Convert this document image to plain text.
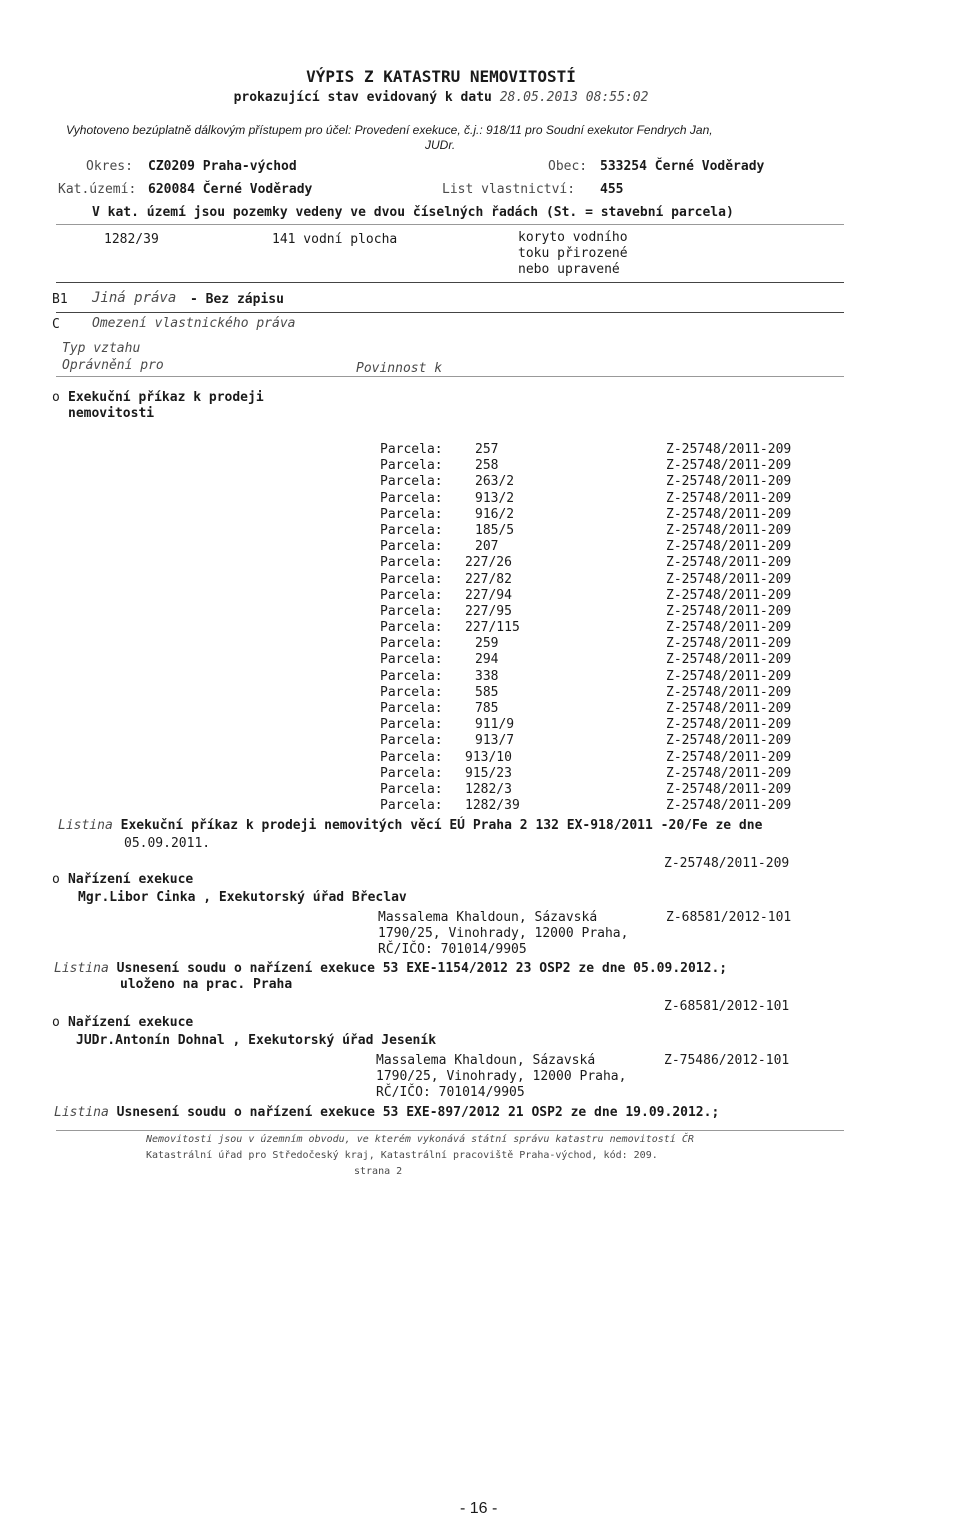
VÝPIS Z KATASTRU NEMOVITOSTÍ
prokazující stav evidovaný k datu 28.05.2013 08:55:02
Vyhotoveno bezúplatně dálkovým přístupem pro účel: Provedení exekuce, č.j.: 918/11 pro Soudní exekutor Fendrych Jan,
JUDr.
Okres: CZ0209 Praha-východ	Obec: 533254 Černé Voděrady
Kat.území: 620084 Černé Voděrady	List vlastnictví: 455
V kat. území jsou pozemky vedeny ve dvou číselných řadách (St. = stavební parcela)
1282/39	141 vodní plocha	koryto vodního
toku přirozené
nebo upravené
B1 Jiná práva - Bez zápisu
C Omezení vlastnického práva
Typ vztahu
Oprávnění pro	Povinnost k
o Exekuční příkaz k prodeji
nemovitosti
Parcela: 257	Z-25748/2011-209
Parcela: 258	Z-25748/2011-209
Parcela: 263/2	Z-25748/2011-209
Parcela: 913/2	Z-25748/2011-209
Parcela: 916/2	Z-25748/2011-209
Parcela: 185/5	Z-25748/2011-209
Parcela: 207	Z-25748/2011-209
Parcela: 227/26	Z-25748/2011-209
Parcela: 227/82	Z-25748/2011-209
Parcela: 227/94	Z-25748/2011-209
Parcela: 227/95	Z-25748/2011-209
Parcela: 227/115	Z-25748/2011-209
Parcela: 259	Z-25748/2011-209
Parcela: 294	Z-25748/2011-209
Parcela: 338	Z-25748/2011-209
Parcela: 585	Z-25748/2011-209
Parcela: 785	Z-25748/2011-209
Parcela: 911/9	Z-25748/2011-209
Parcela: 913/7	Z-25748/2011-209
Parcela: 913/10	Z-25748/2011-209
Parcela: 915/23	Z-25748/2011-209
Parcela: 1282/3	Z-25748/2011-209
Parcela: 1282/39	Z-25748/2011-209
Listina Exekuční příkaz k prodeji nemovitých věcí EÚ Praha 2 132 EX-918/2011 -20/Fe ze dne
05.09.2011.
Z-25748/2011-209
o Nařízení exekuce
Mgr.Libor Cinka , Exekutorský úřad Břeclav
Massalema Khaldoun, Sázavská
1790/25, Vinohrady, 12000 Praha,
RČ/IČO: 701014/9905
Z-68581/2012-101
Listina Usnesení soudu o nařízení exekuce 53 EXE-1154/2012 23 OSP2 ze dne 05.09.2012.;
uloženo na prac. Praha
Z-68581/2012-101
o Nařízení exekuce
JUDr.Antonín Dohnal , Exekutorský úřad Jeseník
Massalema Khaldoun, Sázavská
1790/25, Vinohrady, 12000 Praha,
RČ/IČO: 701014/9905
Z-75486/2012-101
Listina Usnesení soudu o nařízení exekuce 53 EXE-897/2012 21 OSP2 ze dne 19.09.2012.;
Nemovitosti jsou v územním obvodu, ve kterém vykonává státní správu katastru nemovitostí ČR
Katastrální úřad pro Středočeský kraj, Katastrální pracoviště Praha-východ, kód: 209.
strana 2
- 16 -
